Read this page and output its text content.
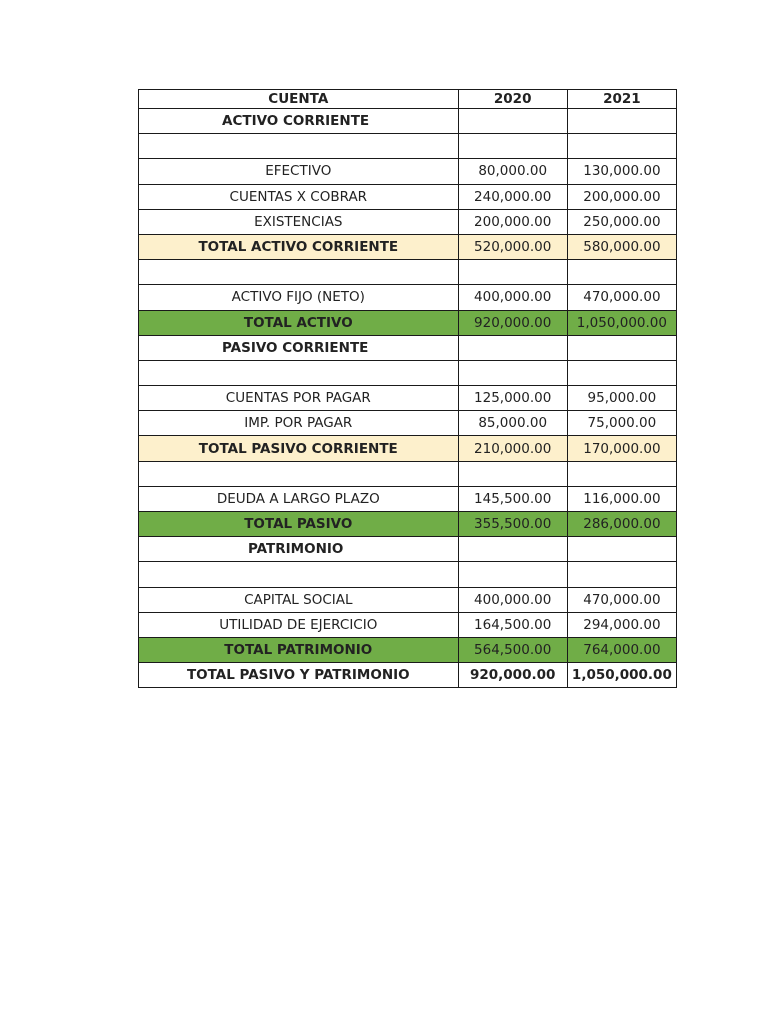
CUENTA	2020	2021
ACTIVO CORRIENTE		

EFECTIVO	80,000.00	130,000.00
CUENTAS X COBRAR	240,000.00	200,000.00
EXISTENCIAS	200,000.00	250,000.00
TOTAL ACTIVO CORRIENTE	520,000.00	580,000.00

ACTIVO FIJO (NETO)	400,000.00	470,000.00
TOTAL ACTIVO	920,000.00	1,050,000.00
PASIVO CORRIENTE		

CUENTAS POR PAGAR	125,000.00	95,000.00
IMP. POR PAGAR	85,000.00	75,000.00
TOTAL PASIVO CORRIENTE	210,000.00	170,000.00

DEUDA A LARGO PLAZO	145,500.00	116,000.00
TOTAL PASIVO	355,500.00	286,000.00
PATRIMONIO		

CAPITAL SOCIAL	400,000.00	470,000.00
UTILIDAD DE EJERCICIO	164,500.00	294,000.00
TOTAL PATRIMONIO	564,500.00	764,000.00
TOTAL PASIVO Y PATRIMONIO	920,000.00	1,050,000.00
